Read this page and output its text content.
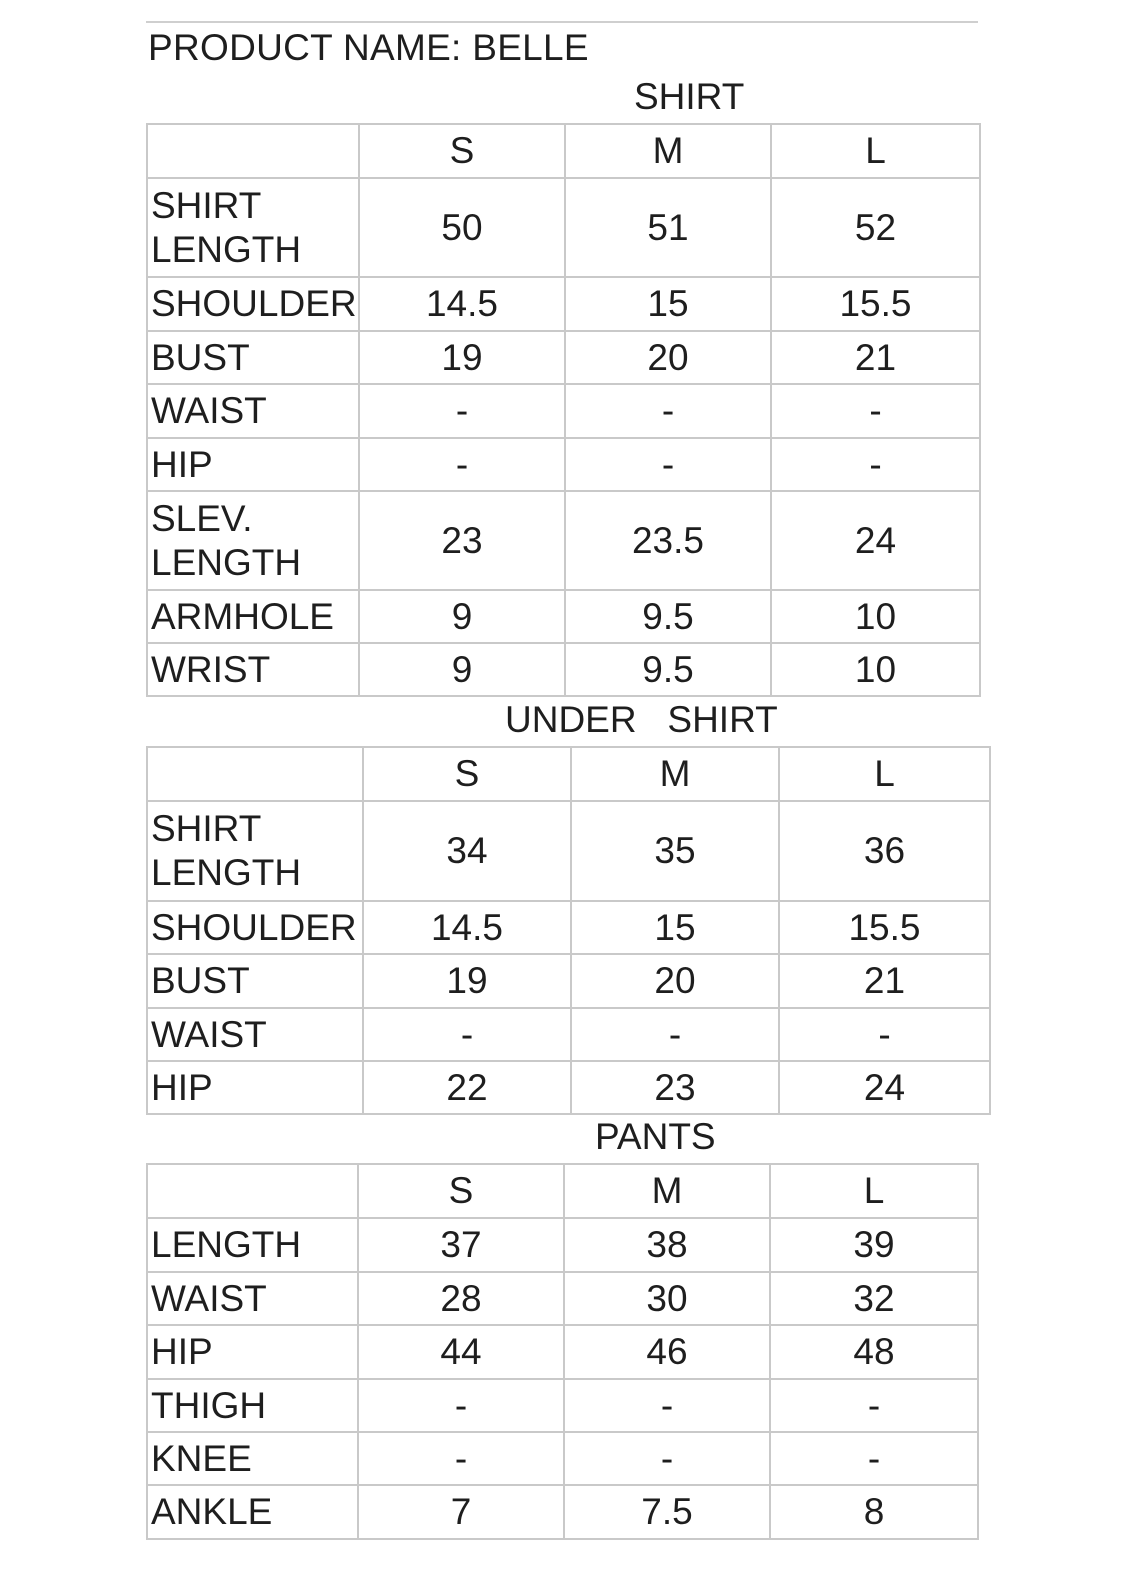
PRODUCT NAME: BELLE
SHIRT
	S	M	L
SHIRT LENGTH	50	51	52
SHOULDER	14.5	15	15.5
BUST	19	20	21
WAIST	-	-	-
HIP	-	-	-
SLEV. LENGTH	23	23.5	24
ARMHOLE	9	9.5	10
WRIST	9	9.5	10
UNDER   SHIRT
	S	M	L
SHIRT LENGTH	34	35	36
SHOULDER	14.5	15	15.5
BUST	19	20	21
WAIST	-	-	-
HIP	22	23	24
PANTS
	S	M	L
LENGTH	37	38	39
WAIST	28	30	32
HIP	44	46	48
THIGH	-	-	-
KNEE	-	-	-
ANKLE	7	7.5	8
